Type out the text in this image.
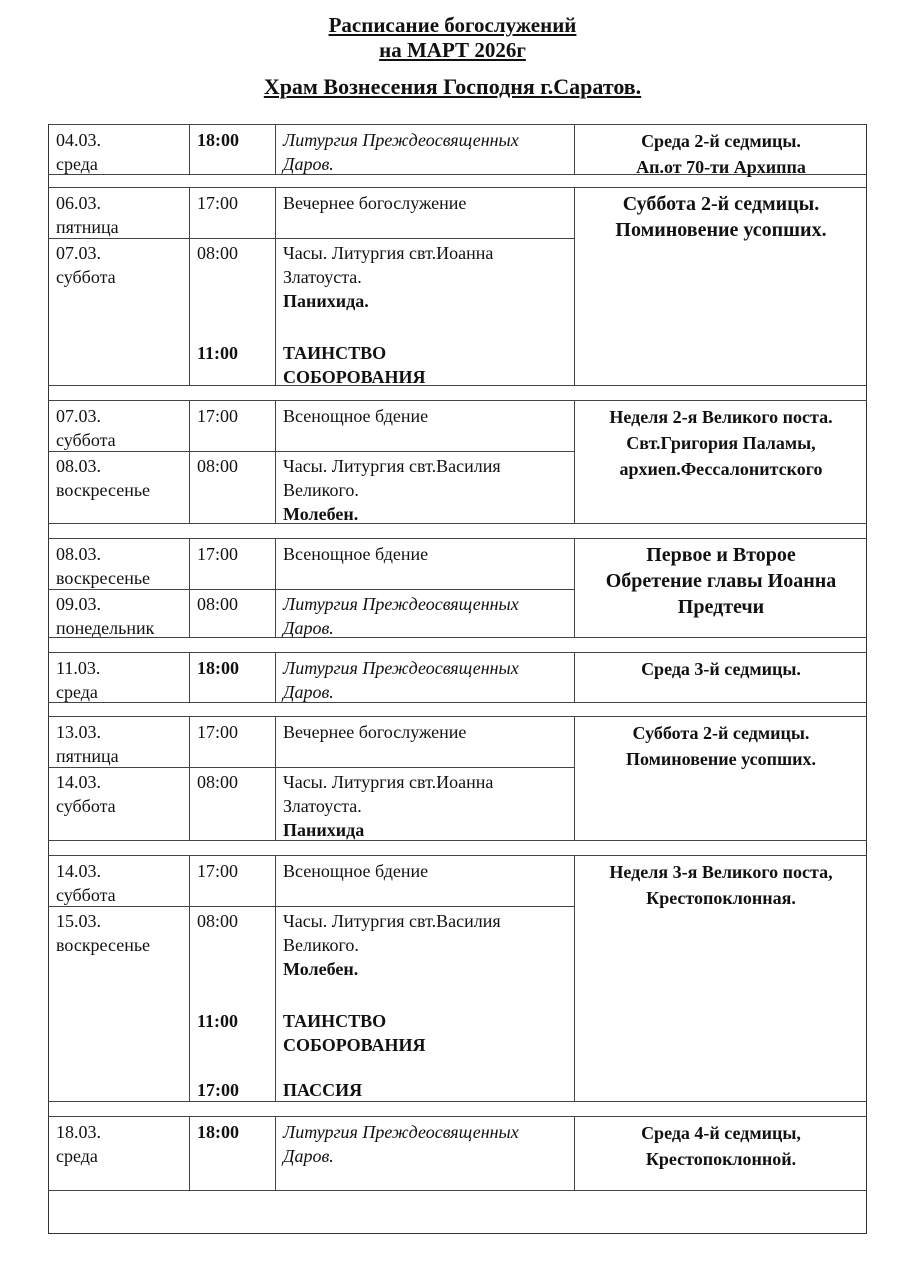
Расписание богослужений
на МАРТ 2026г
Храм Вознесения Господня г.Саратов.
04.03.
среда
18:00	Литургия Преждеосвященных
Даров.
Среда 2-й седмицы.
Ап.от 70-ти Архиппа
06.03.
пятница
17:00	Вечернее богослужение
07.03.
суббота
08:00	Часы. Литургия свт.Иоанна
Златоуста.
Панихида.
11:00	ТАИНСТВО
СОБОРОВАНИЯ
Суббота 2-й седмицы.
Поминовение усопших.
07.03.
суббота
17:00	Всенощное бдение
08.03.
воскресенье
08:00	Часы. Литургия свт.Василия
Великого.
Молебен.
Неделя 2-я Великого поста.
Свт.Григория Паламы,
архиеп.Фессалонитского
08.03.
воскресенье
17:00	Всенощное бдение
09.03.
понедельник
08:00	Литургия Преждеосвященных
Даров.
Первое и Второе
Обретение главы Иоанна
Предтечи
11.03.
среда
18:00	Литургия Преждеосвященных
Даров.
Среда 3-й седмицы.
13.03.
пятница
17:00	Вечернее богослужение
14.03.
суббота
08:00	Часы. Литургия свт.Иоанна
Златоуста.
Панихида
Суббота 2-й седмицы.
Поминовение усопших.
14.03.
суббота
17:00	Всенощное бдение
15.03.
воскресенье
08:00	Часы. Литургия свт.Василия
Великого.
Молебен.
11:00	ТАИНСТВО
СОБОРОВАНИЯ
17:00	ПАССИЯ
Неделя 3-я Великого поста,
Крестопоклонная.
18.03.
среда
18:00	Литургия Преждеосвященных
Даров.
Среда 4-й седмицы,
Крестопоклонной.
